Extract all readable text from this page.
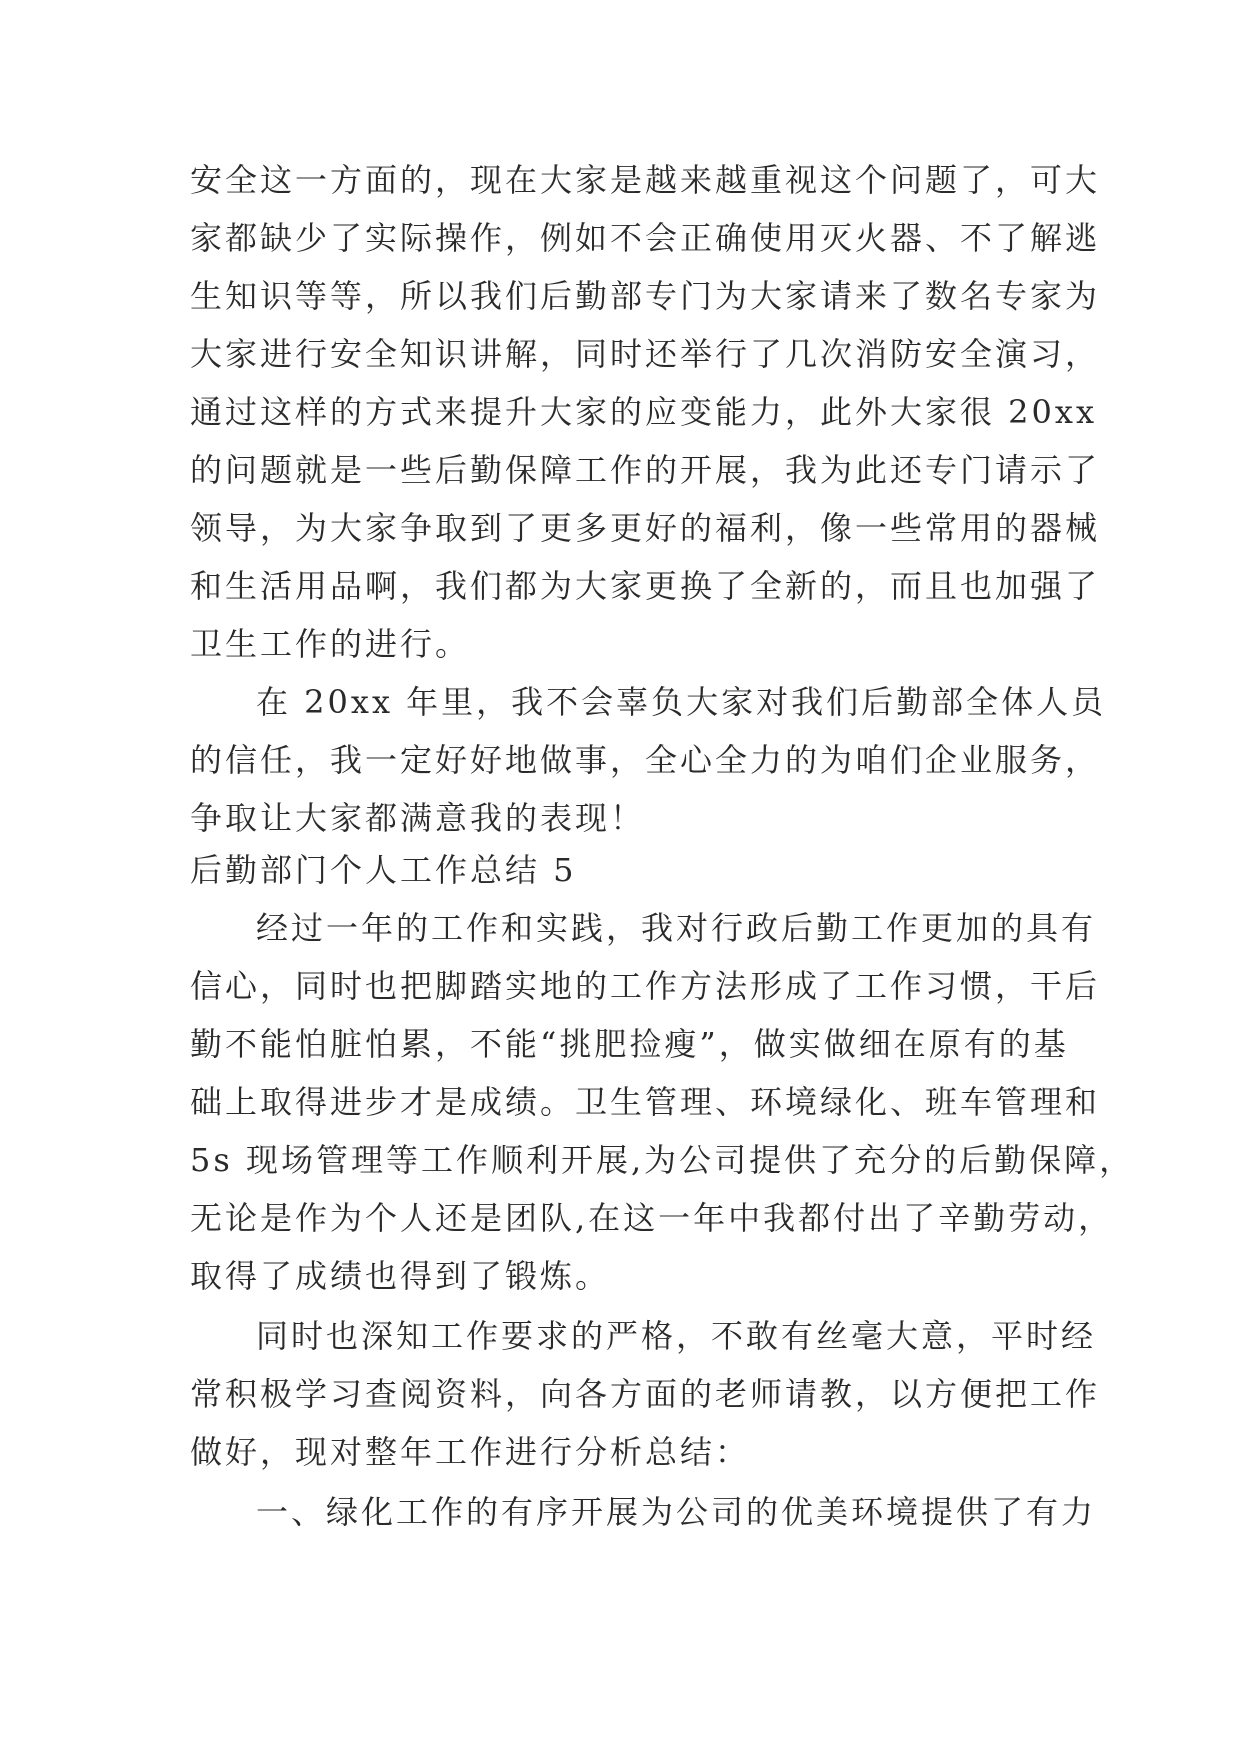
安全这一方面的，现在大家是越来越重视这个问题了，可大
家都缺少了实际操作，例如不会正确使用灭火器、不了解逃
生知识等等，所以我们后勤部专门为大家请来了数名专家为
大家进行安全知识讲解，同时还举行了几次消防安全演习，
通过这样的方式来提升大家的应变能力，此外大家很 20xx
的问题就是一些后勤保障工作的开展，我为此还专门请示了
领导，为大家争取到了更多更好的福利，像一些常用的器械
和生活用品啊，我们都为大家更换了全新的，而且也加强了
卫生工作的进行。
在 20xx 年里，我不会辜负大家对我们后勤部全体人员
的信任，我一定好好地做事，全心全力的为咱们企业服务，
争取让大家都满意我的表现！
后勤部门个人工作总结 5
经过一年的工作和实践，我对行政后勤工作更加的具有
信心，同时也把脚踏实地的工作方法形成了工作习惯，干后
勤不能怕脏怕累，不能“挑肥捡瘦”，做实做细在原有的基
础上取得进步才是成绩。卫生管理、环境绿化、班车管理和
5s 现场管理等工作顺利开展,为公司提供了充分的后勤保障，
无论是作为个人还是团队,在这一年中我都付出了辛勤劳动，
取得了成绩也得到了锻炼。
同时也深知工作要求的严格，不敢有丝毫大意，平时经
常积极学习查阅资料，向各方面的老师请教，以方便把工作
做好，现对整年工作进行分析总结：
一、绿化工作的有序开展为公司的优美环境提供了有力
